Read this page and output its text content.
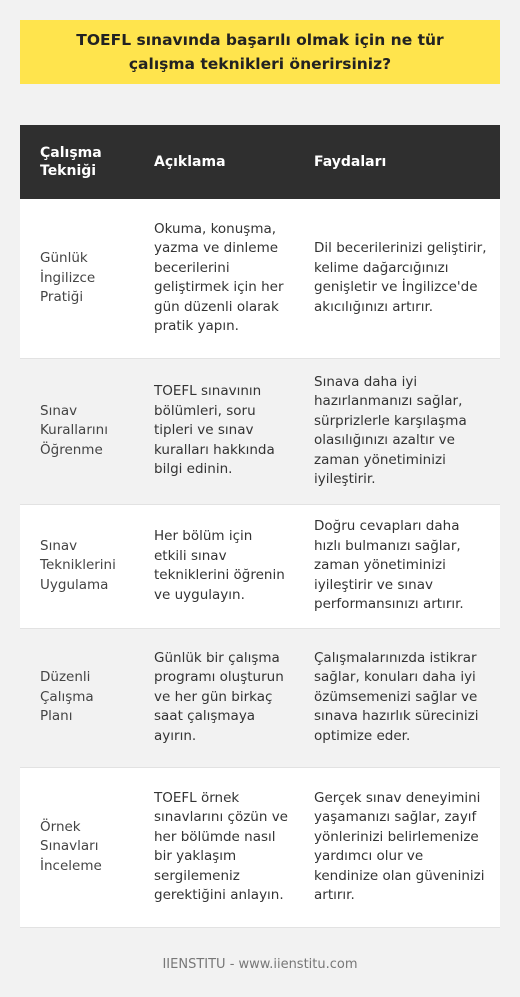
TOEFL sınavında başarılı olmak için ne tür çalışma teknikleri önerirsiniz?
Çalışma Tekniği	Açıklama	Faydaları
Günlük İngilizce Pratiği	Okuma, konuşma, yazma ve dinleme becerilerini geliştirmek için her gün düzenli olarak pratik yapın.	Dil becerilerinizi geliştirir, kelime dağarcığınızı genişletir ve İngilizce'de akıcılığınızı artırır.
Sınav Kurallarını Öğrenme	TOEFL sınavının bölümleri, soru tipleri ve sınav kuralları hakkında bilgi edinin.	Sınava daha iyi hazırlanmanızı sağlar, sürprizlerle karşılaşma olasılığınızı azaltır ve zaman yönetiminizi iyileştirir.
Sınav Tekniklerini Uygulama	Her bölüm için etkili sınav tekniklerini öğrenin ve uygulayın.	Doğru cevapları daha hızlı bulmanızı sağlar, zaman yönetiminizi iyileştirir ve sınav performansınızı artırır.
Düzenli Çalışma Planı	Günlük bir çalışma programı oluşturun ve her gün birkaç saat çalışmaya ayırın.	Çalışmalarınızda istikrar sağlar, konuları daha iyi özümsemenizi sağlar ve sınava hazırlık sürecinizi optimize eder.
Örnek Sınavları İnceleme	TOEFL örnek sınavlarını çözün ve her bölümde nasıl bir yaklaşım sergilemeniz gerektiğini anlayın.	Gerçek sınav deneyimini yaşamanızı sağlar, zayıf yönlerinizi belirlemenize yardımcı olur ve kendinize olan güveninizi artırır.
IIENSTITU - www.iienstitu.com
